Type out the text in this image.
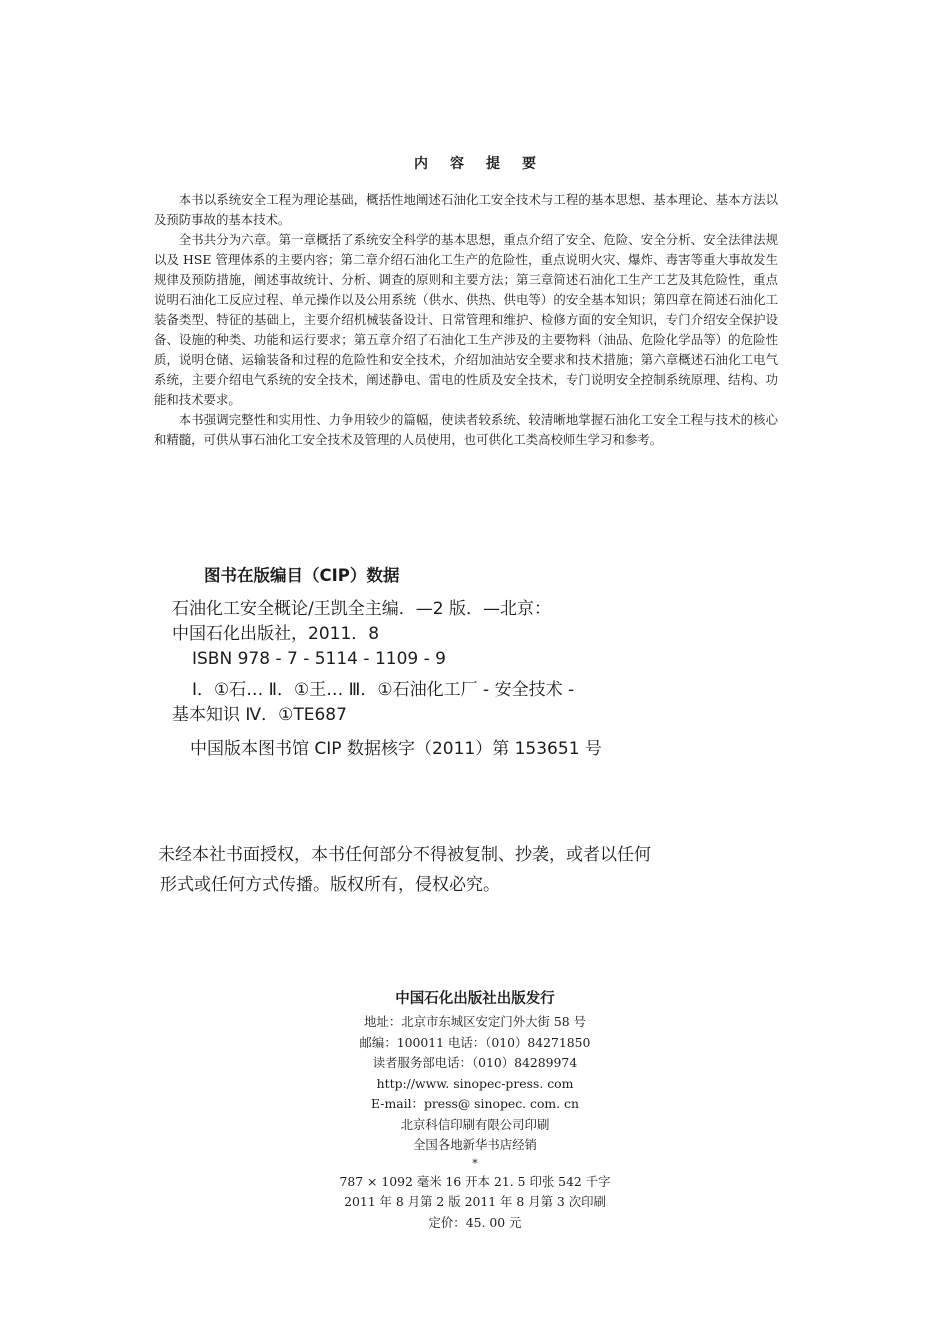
内容提要

本书以系统安全工程为理论基础，概括性地阐述石油化工安全技术与工程的基本思想、基本理论、基本方法以及预防事故的基本技术。

全书共分为六章。第一章概括了系统安全科学的基本思想，重点介绍了安全、危险、安全分析、安全法律法规以及 HSE 管理体系的主要内容；第二章介绍石油化工生产的危险性，重点说明火灾、爆炸、毒害等重大事故发生规律及预防措施，阐述事故统计、分析、调查的原则和主要方法；第三章简述石油化工生产工艺及其危险性，重点说明石油化工反应过程、单元操作以及公用系统（供水、供热、供电等）的安全基本知识；第四章在简述石油化工装备类型、特征的基础上，主要介绍机械装备设计、日常管理和维护、检修方面的安全知识，专门介绍安全保护设备、设施的种类、功能和运行要求；第五章介绍了石油化工生产涉及的主要物料（油品、危险化学品等）的危险性质，说明仓储、运输装备和过程的危险性和安全技术，介绍加油站安全要求和技术措施；第六章概述石油化工电气系统，主要介绍电气系统的安全技术，阐述静电、雷电的性质及安全技术，专门说明安全控制系统原理、结构、功能和技术要求。

本书强调完整性和实用性、力争用较少的篇幅，使读者较系统、较清晰地掌握石油化工安全工程与技术的核心和精髓，可供从事石油化工安全技术及管理的人员使用，也可供化工类高校师生学习和参考。

图书在版编目（CIP）数据
石油化工安全概论/王凯全主编．—2 版．—北京：
中国石化出版社，2011．8
ISBN 978 - 7 - 5114 - 1109 - 9
Ⅰ．①石… Ⅱ．①王… Ⅲ．①石油化工厂 - 安全技术 -
基本知识 Ⅳ．①TE687
中国版本图书馆 CIP 数据核字（2011）第 153651 号
未经本社书面授权，本书任何部分不得被复制、抄袭，或者以任何
形式或任何方式传播。版权所有，侵权必究。
中国石化出版社出版发行
地址：北京市东城区安定门外大街 58 号
邮编：100011 电话：（010）84271850
读者服务部电话：（010）84289974
http://www. sinopec-press. com
E-mail：press@ sinopec. com. cn
北京科信印刷有限公司印刷
全国各地新华书店经销
*
787 × 1092 毫米 16 开本 21. 5 印张 542 千字
2011 年 8 月第 2 版 2011 年 8 月第 3 次印刷
定价：45. 00 元
